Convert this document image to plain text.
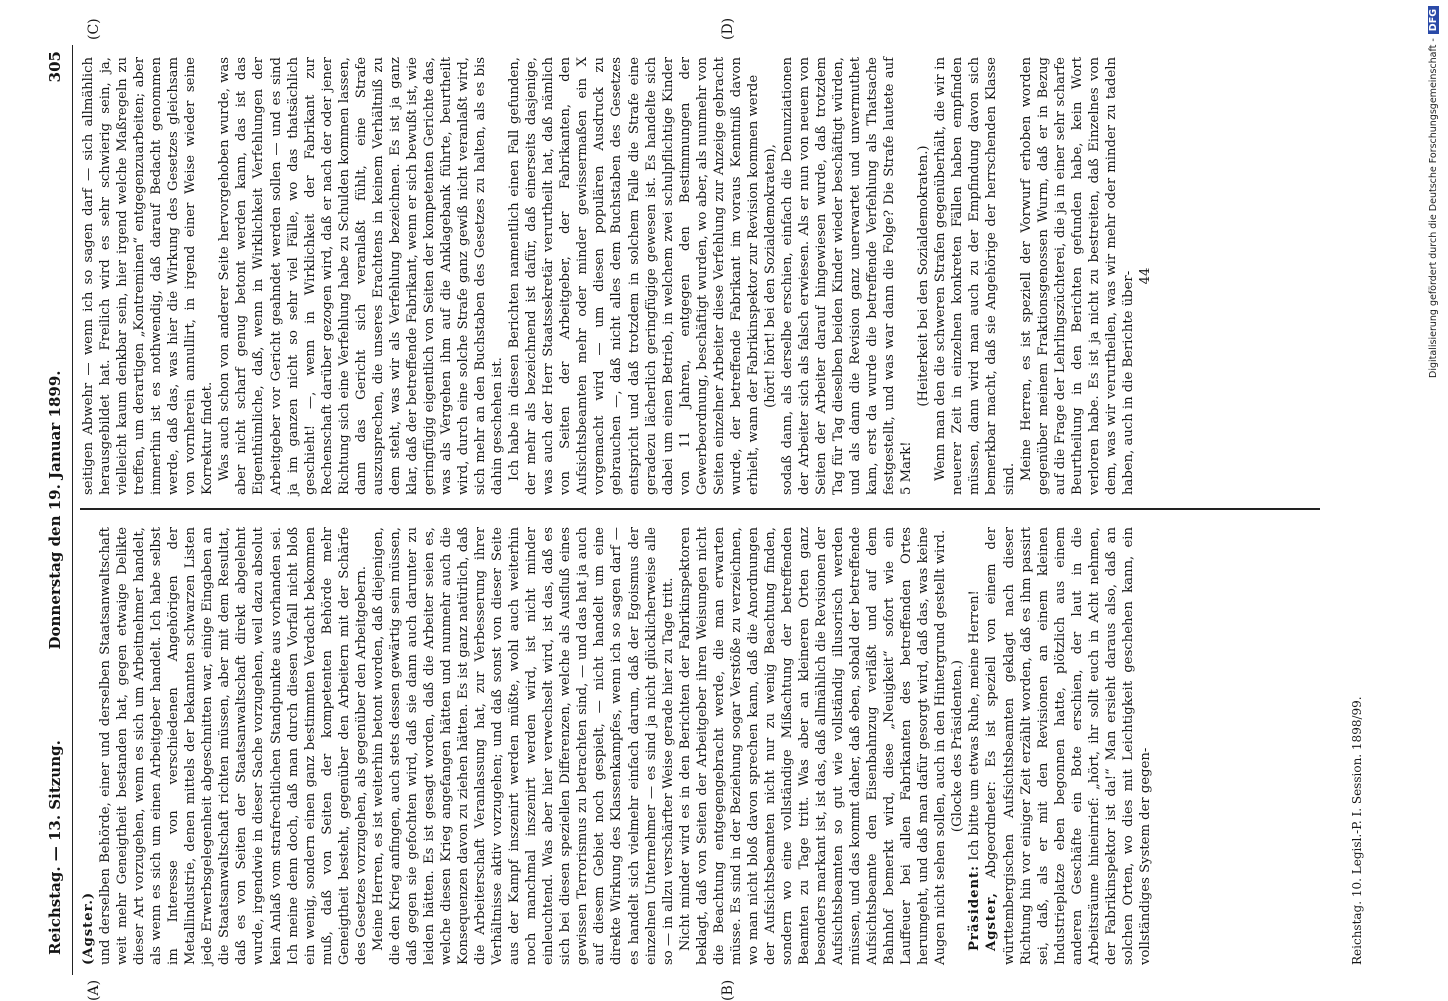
Reichstag. — 13. Sitzung.
Donnerstag den 19. Januar 1899.
305
(A)	(B)
(C)	(D)

(Agster.) und derselben Behörde, einer und derselben Staatsanwaltschaft weit mehr Geneigtheit bestanden hat, gegen etwaige Delikte dieser Art vorzugehen, wenn es sich um Arbeitnehmer handelt, als wenn es sich um einen Arbeitgeber handelt. Ich habe selbst im Interesse von verschiedenen Angehörigen der Metallindustrie, denen mittels der bekannten schwarzen Listen jede Erwerbsgelegenheit abgeschnitten war, einige Eingaben an die Staatsanwaltschaft richten müssen, aber mit dem Resultat, daß es von Seiten der Staatsanwaltschaft direkt abgelehnt wurde, irgendwie in dieser Sache vorzugehen, weil dazu absolut kein Anlaß vom strafrechtlichen Standpunkte aus vorhanden sei. Ich meine denn doch, daß man durch diesen Vorfall nicht bloß ein wenig, sondern einen ganz bestimmten Verdacht bekommen muß, daß von Seiten der kompetenten Behörde mehr Geneigtheit besteht, gegenüber den Arbeitern mit der Schärfe des Gesetzes vorzugehen, als gegenüber den Arbeitgebern. Meine Herren, es ist weiterhin betont worden, daß diejenigen, die den Krieg anfingen, auch stets dessen gewärtig sein müssen, daß gegen sie gefochten wird, daß sie dann auch darunter zu leiden hätten. Es ist gesagt worden, daß die Arbeiter seien es, welche diesen Krieg angefangen hätten und nunmehr auch die Konsequenzen davon zu ziehen hätten. Es ist ganz natürlich, daß die Arbeiterschaft Veranlassung hat, zur Verbesserung ihrer Verhältnisse aktiv vorzugehen; und daß sonst von dieser Seite aus der Kampf inszenirt werden müßte, wohl auch weiterhin noch manchmal inszenirt werden wird, ist nicht minder einleuchtend. Was aber hier verwechselt wird, ist das, daß es sich bei diesen speziellen Differenzen, welche als Ausfluß eines gewissen Terrorismus zu betrachten sind, — und das hat ja auch auf diesem Gebiet noch gespielt, — nicht handelt um eine direkte Wirkung des Klassenkampfes, wenn ich so sagen darf — es handelt sich vielmehr einfach darum, daß der Egoismus der einzelnen Unternehmer — es sind ja nicht glücklicherweise alle so — in allzu verschärfter Weise gerade hier zu Tage tritt. Nicht minder wird es in den Berichten der Fabrikinspektoren beklagt, daß von Seiten der Arbeitgeber ihren Weisungen nicht die Beachtung entgegengebracht werde, die man erwarten müsse. Es sind in der Beziehung sogar Verstöße zu verzeichnen, wo man nicht bloß davon sprechen kann, daß die Anordnungen der Aufsichtsbeamten nicht nur zu wenig Beachtung finden, sondern wo eine vollständige Mißachtung der betreffenden Beamten zu Tage tritt. Was aber an kleineren Orten ganz besonders markant ist, ist das, daß allmählich die Revisionen der Aufsichtsbeamten so gut wie vollständig illusorisch werden müssen, und das kommt daher, daß eben, sobald der betreffende Aufsichtsbeamte den Eisenbahnzug verläßt und auf dem Bahnhof bemerkt wird, diese „Neuigkeit“ sofort wie ein Lauffeuer bei allen Fabrikanten des betreffenden Ortes herumgeht, und daß man dafür gesorgt wird, daß das, was keine Augen nicht sehen sollen, auch in den Hintergrund gestellt wird. (Glocke des Präsidenten.)

Präsident: Ich bitte um etwas Ruhe, meine Herren!

Agster, Abgeordneter: Es ist speziell von einem der württembergischen Aufsichtsbeamten geklagt nach dieser Richtung hin vor einiger Zeit erzählt worden, daß es ihm passirt sei, daß, als er mit den Revisionen an einem kleinen Industrieplatze eben begonnen hatte, plötzlich aus einem anderen Geschäfte ein Bote erschien, der laut in die Arbeitsräume hineinrief: „hört, ihr sollt euch in Acht nehmen, der Fabrikinspektor ist da!“ Man ersieht daraus also, daß an solchen Orten, wo dies mit Leichtigkeit geschehen kann, ein vollständiges System der gegen-	Reichstag. 10. Legisl.-P. I. Session. 1898/99.

seitigen Abwehr — wenn ich so sagen darf — sich allmählich herausgebildet hat. Freilich wird es sehr schwierig sein, ja, vielleicht kaum denkbar sein, hier irgend welche Maßregeln zu treffen, um derartigen „Kontreminen“ entgegenzuarbeiten; aber immerhin ist es nothwendig, daß darauf Bedacht genommen werde, daß das, was hier die Wirkung des Gesetzes gleichsam von vornherein annullirt, in irgend einer Weise wieder seine Korrektur findet. Was auch schon von anderer Seite hervorgehoben wurde, was aber nicht scharf genug betont werden kann, das ist das Eigenthümliche, daß, wenn in Wirklichkeit Verfehlungen der Arbeitgeber vor Gericht geahndet werden sollen — und es sind ja im ganzen nicht so sehr viel Fälle, wo das thatsächlich geschieht! —, wenn in Wirklichkeit der Fabrikant zur Rechenschaft darüber gezogen wird, daß er nach der oder jener Richtung sich eine Verfehlung habe zu Schulden kommen lassen, dann das Gericht sich veranlaßt fühlt, eine Strafe auszusprechen, die unseres Erachtens in keinem Verhältniß zu dem steht, was wir als Verfehlung bezeichnen. Es ist ja ganz klar, daß der betreffende Fabrikant, wenn er sich bewußt ist, wie geringfügig eigentlich von Seiten der kompetenten Gerichte das, was als Vergehen ihm auf die Anklagebank führte, beurtheilt wird, durch eine solche Strafe ganz gewiß nicht veranlaßt wird, sich mehr an den Buchstaben des Gesetzes zu halten, als es bis dahin geschehen ist. Ich habe in diesen Berichten namentlich einen Fall gefunden, der mehr als bezeichnend ist dafür, daß einerseits dasjenige, was auch der Herr Staatssekretär verurtheilt hat, daß nämlich von Seiten der Arbeitgeber, der Fabrikanten, den Aufsichtsbeamten mehr oder minder gewissermaßen ein X vorgemacht wird — um diesen populären Ausdruck zu gebrauchen —, daß nicht alles dem Buchstaben des Gesetzes entspricht und daß trotzdem in solchem Falle die Strafe eine geradezu lächerlich geringfügige gewesen ist. Es handelte sich dabei um einen Betrieb, in welchem zwei schulpflichtige Kinder von 11 Jahren, entgegen den Bestimmungen der Gewerbeordnung, beschäftigt wurden, wo aber, als nunmehr von Seiten einzelner Arbeiter diese Verfehlung zur Anzeige gebracht wurde, der betreffende Fabrikant im voraus Kenntniß davon erhielt, wann der Fabrikinspektor zur Revision kommen werde (hört! hört! bei den Sozialdemokraten), sodaß dann, als derselbe erschien, einfach die Denunziationen der Arbeiter sich als falsch erwiesen. Als er nun von neuem von Seiten der Arbeiter darauf hingewiesen wurde, daß trotzdem Tag für Tag dieselben beiden Kinder wieder beschäftigt würden, und als dann die Revision ganz unerwartet und unvermuthet kam, erst da wurde die betreffende Verfehlung als Thatsache festgestellt, und was war dann die Folge? Die Strafe lautete auf 5 Mark!

(Heiterkeit bei den Sozialdemokraten.) Wenn man den die schweren Strafen gegenüberhält, die wir in neuerer Zeit in einzelnen konkreten Fällen haben empfinden müssen, dann wird man auch zu der Empfindung davon sich bemerkbar macht, daß sie Angehörige der herrschenden Klasse sind. Meine Herren, es ist speziell der Vorwurf erhoben worden gegenüber meinem Fraktionsgenossen Wurm, daß er in Bezug auf die Frage der Lehrlingszüchterei, die ja in einer sehr scharfe Beurtheilung in den Berichten gefunden habe, kein Wort verloren habe. Es ist ja nicht zu bestreiten, daß Einzelnes von dem, was wir verurtheilen, was wir mehr oder minder zu tadeln haben, auch in die Berichte über- 44	Digitalisierung gefördert durch die Deutsche Forschungsgemeinschaft -DFG
